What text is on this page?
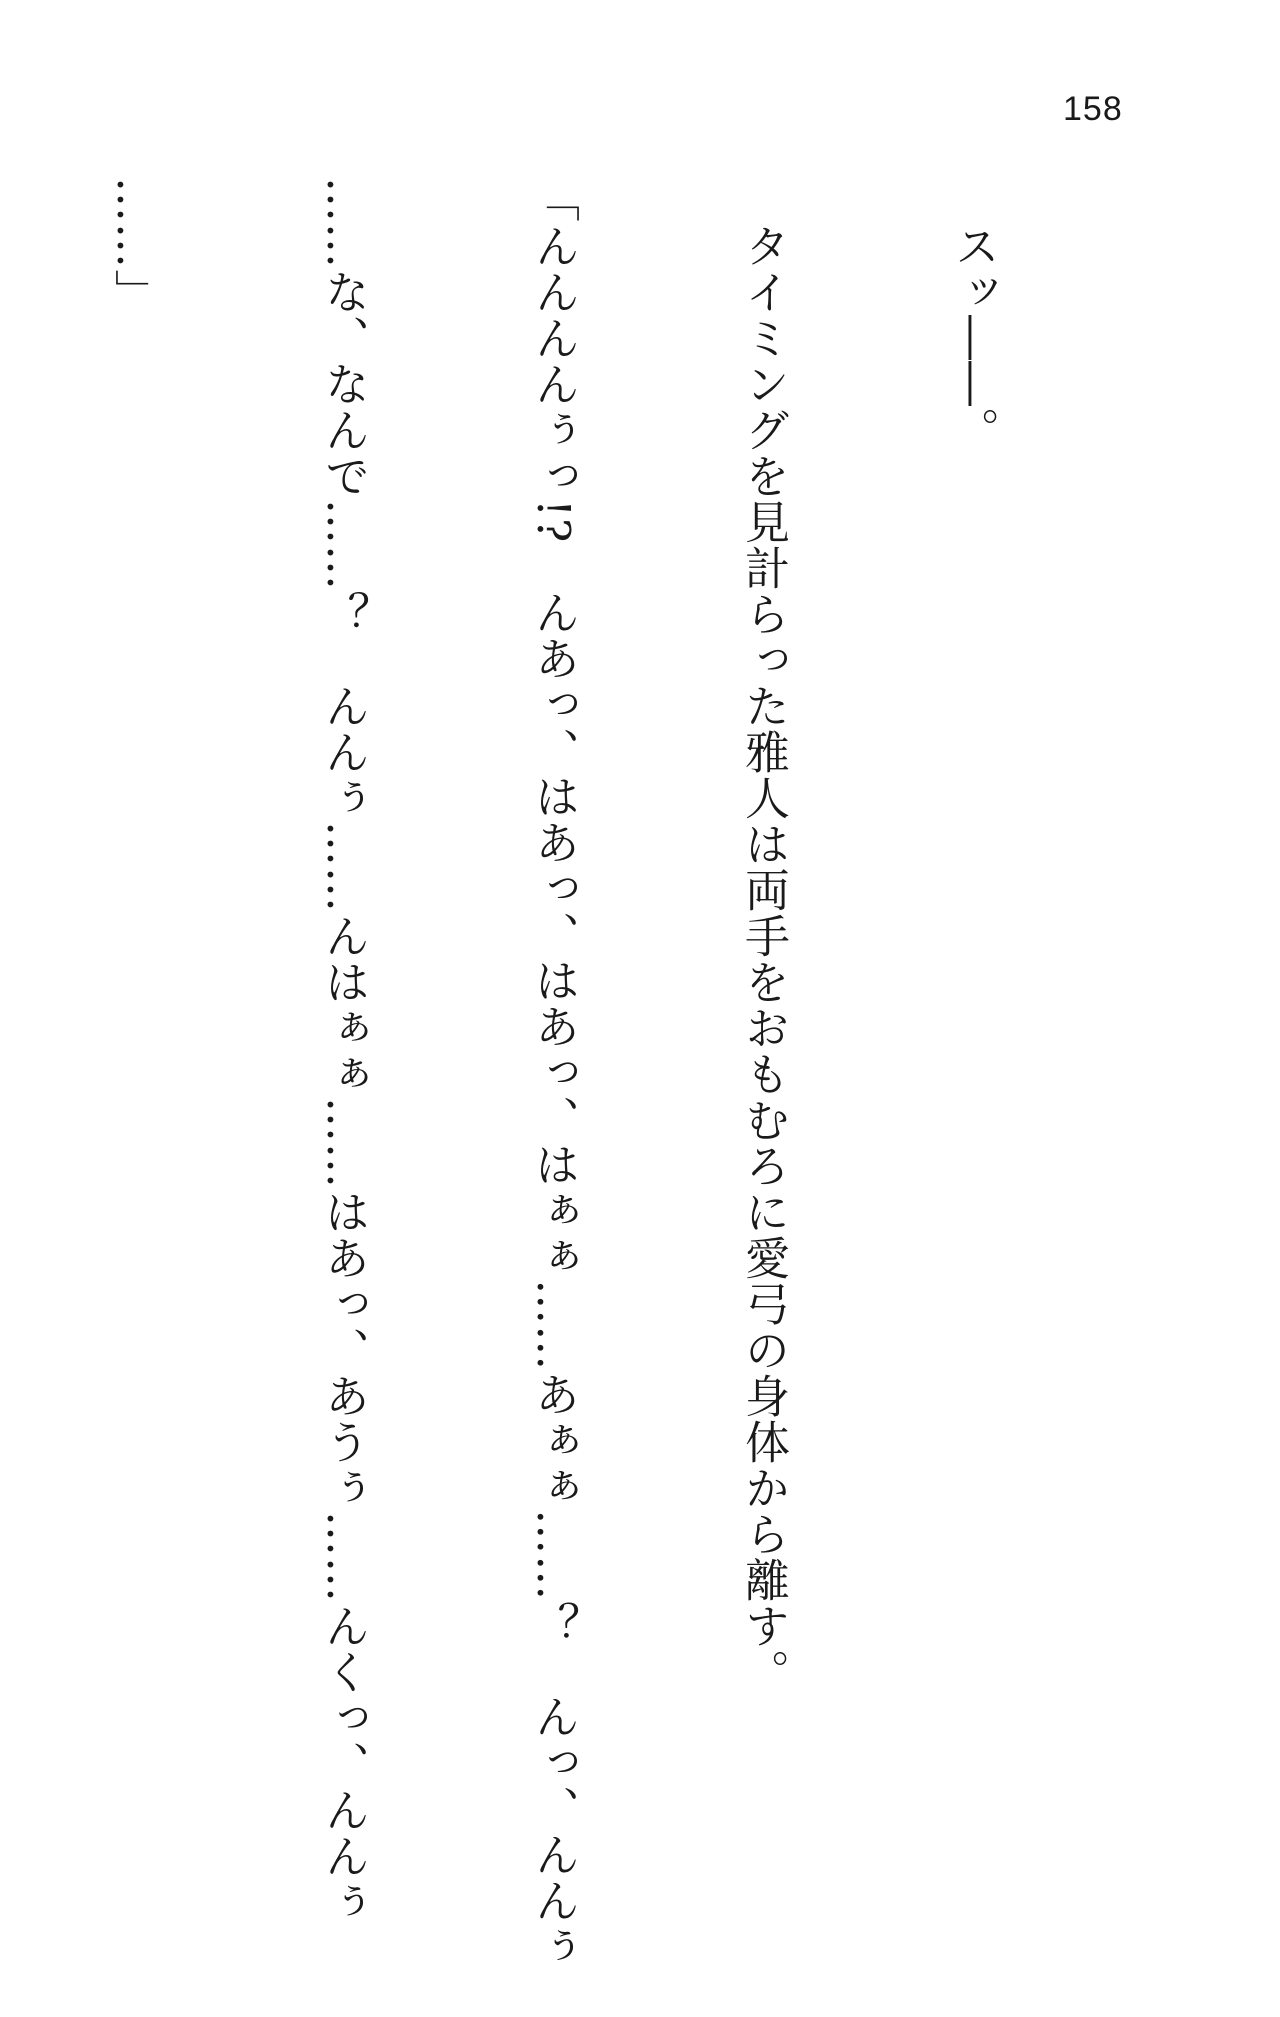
158

　スッ――。

　タイミングを見計らった雅人は両手をおもむろに愛弓の身体から離す。

「んんんんぅっ!?　んあっ、はあっ、はあっ、はぁぁ……あぁぁ……？　んっ、んんぅ

……な、なんで……？　んんぅ……んはぁぁ……はあっ、あうぅ……んくっ、んんぅ

……」
